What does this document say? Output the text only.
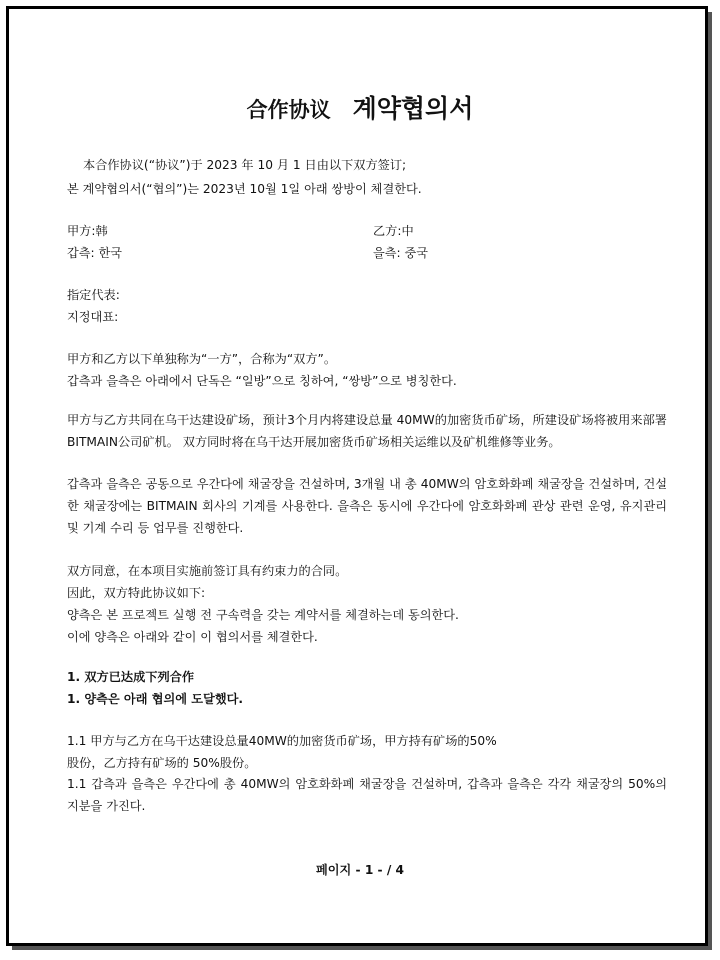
合作协议 계약협의서
本合作协议(“协议”)于 2023 年 10 月 1 日由以下双方签订;
본 계약협의서(“협의”)는 2023년 10월 1일 아래 쌍방이 체결한다.
甲方:韩	乙方:中
갑측: 한국	을측: 중국
指定代表:
지정대표:
甲方和乙方以下单独称为“一方”，合称为“双方”。
갑측과 을측은 아래에서 단독은 “일방”으로 칭하여, “쌍방”으로 병칭한다.
甲方与乙方共同在乌干达建设矿场，预计3个月内将建设总量 40MW的加密货币矿场，所建设矿场将被用来部署BITMAIN公司矿机。 双方同时将在乌干达开展加密货币矿场相关运维以及矿机维修等业务。
갑측과 을측은 공동으로 우간다에 채굴장을 건설하며, 3개월 내 총 40MW의 암호화화폐 채굴장을 건설하며, 건설한 채굴장에는 BITMAIN 회사의 기계를 사용한다. 을측은 동시에 우간다에 암호화화폐 관상 관련 운영, 유지관리 및 기계 수리 등 업무를 진행한다.
双方同意，在本项目实施前签订具有约束力的合同。
因此，双方特此协议如下:
양측은 본 프로젝트 실행 전 구속력을 갖는 계약서를 체결하는데 동의한다.
이에 양측은 아래와 같이 이 협의서를 체결한다.
1. 双方已达成下列合作
1. 양측은 아래 협의에 도달했다.
1.1 甲方与乙方在乌干达建设总量40MW的加密货币矿场，甲方持有矿场的50%
股份，乙方持有矿场的 50%股份。
1.1 갑측과 을측은 우간다에 총 40MW의 암호화화폐 채굴장을 건설하며, 갑측과 을측은 각각 채굴장의 50%의 지분을 가진다.
페이지 - 1 - / 4
